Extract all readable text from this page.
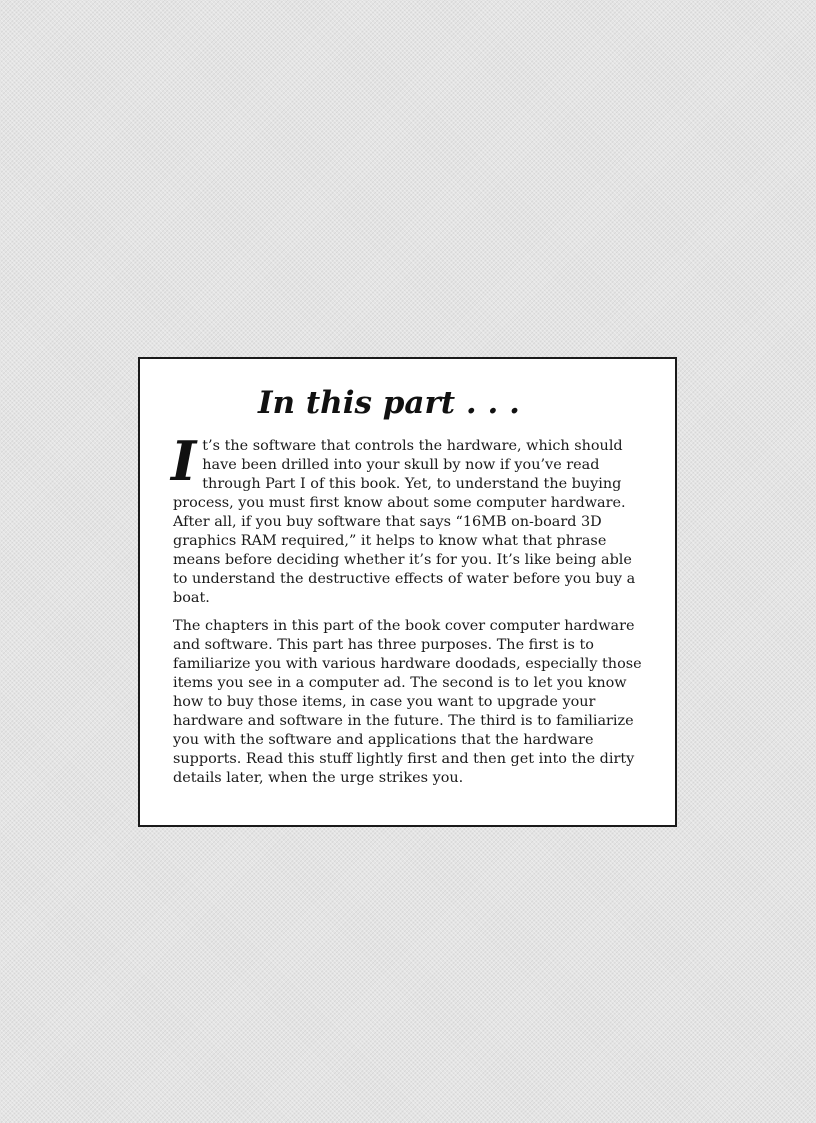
In this part . . .

It’s the software that controls the hardware, which should have been drilled into your skull by now if you’ve read through Part I of this book. Yet, to understand the buying process, you must first know about some computer hardware. After all, if you buy software that says “16MB on-board 3D graphics RAM required,” it helps to know what that phrase means before deciding whether it’s for you. It’s like being able to understand the destructive effects of water before you buy a boat.

The chapters in this part of the book cover computer hardware and software. This part has three purposes. The first is to familiarize you with various hardware doodads, especially those items you see in a computer ad. The second is to let you know how to buy those items, in case you want to upgrade your hardware and software in the future. The third is to familiarize you with the software and applications that the hardware supports. Read this stuff lightly first and then get into the dirty details later, when the urge strikes you.
